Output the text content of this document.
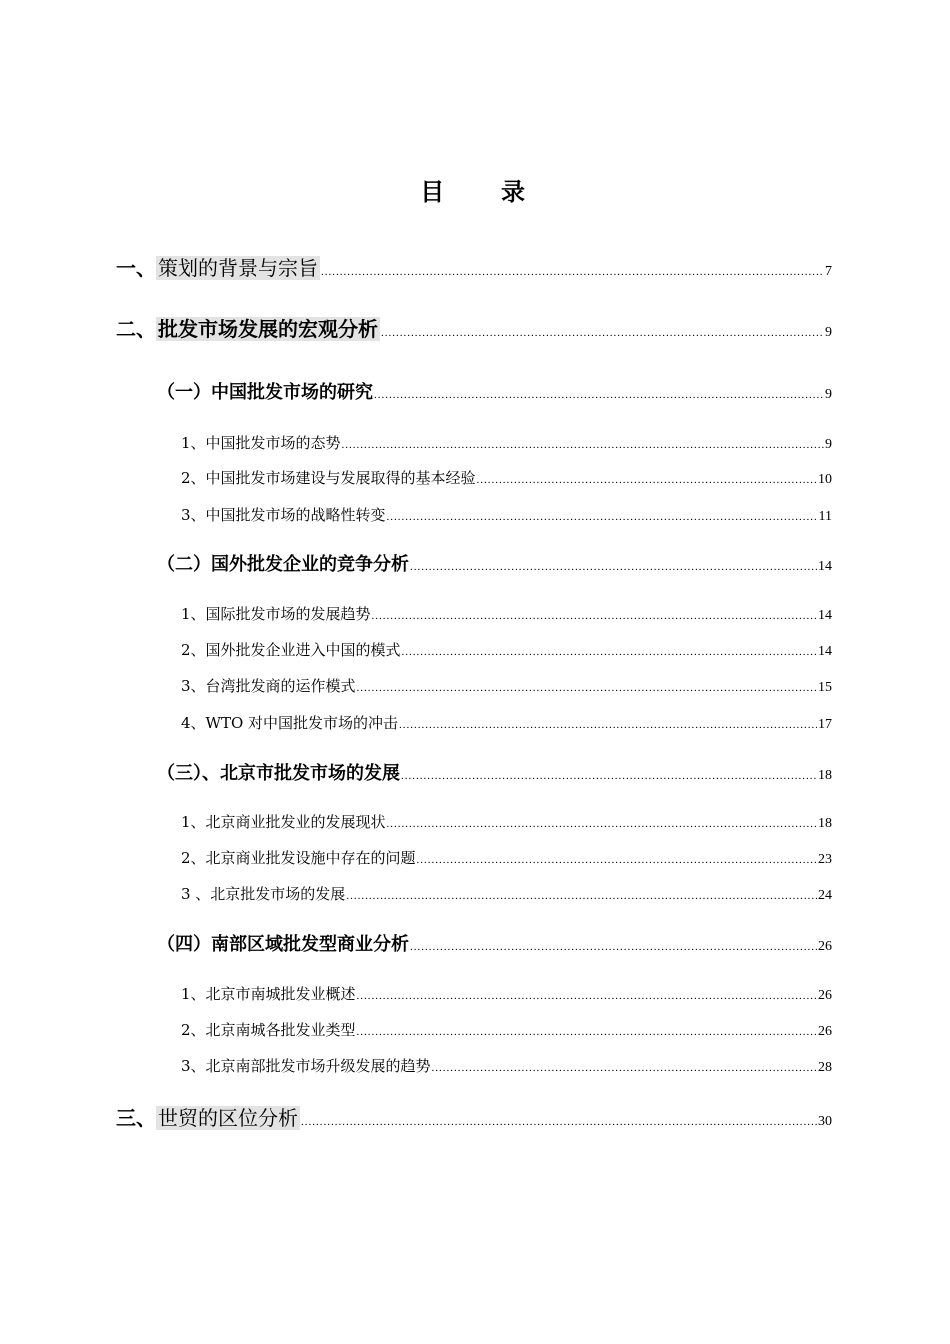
目 录
一、 策划的背景与宗旨 .....	7
二、 批发市场发展的宏观分析 .....	9
（一）中国批发市场的研究 .....	9
1、中国批发市场的态势 .....	9
2、中国批发市场建设与发展取得的基本经验 .....	10
3、中国批发市场的战略性转变 .....	11
（二）国外批发企业的竞争分析 .....	14
1、国际批发市场的发展趋势 .....	14
2、国外批发企业进入中国的模式 .....	14
3、台湾批发商的运作模式 .....	15
4、WTO 对中国批发市场的冲击 .....	17
（三）、北京市批发市场的发展 .....	18
1、北京商业批发业的发展现状 .....	18
2、北京商业批发设施中存在的问题 .....	23
3 、北京批发市场的发展 .....	24
（四）南部区域批发型商业分析 .....	26
1、北京市南城批发业概述 .....	26
2、北京南城各批发业类型 .....	26
3、北京南部批发市场升级发展的趋势 .....	28
三、 世贸的区位分析 .....	30
